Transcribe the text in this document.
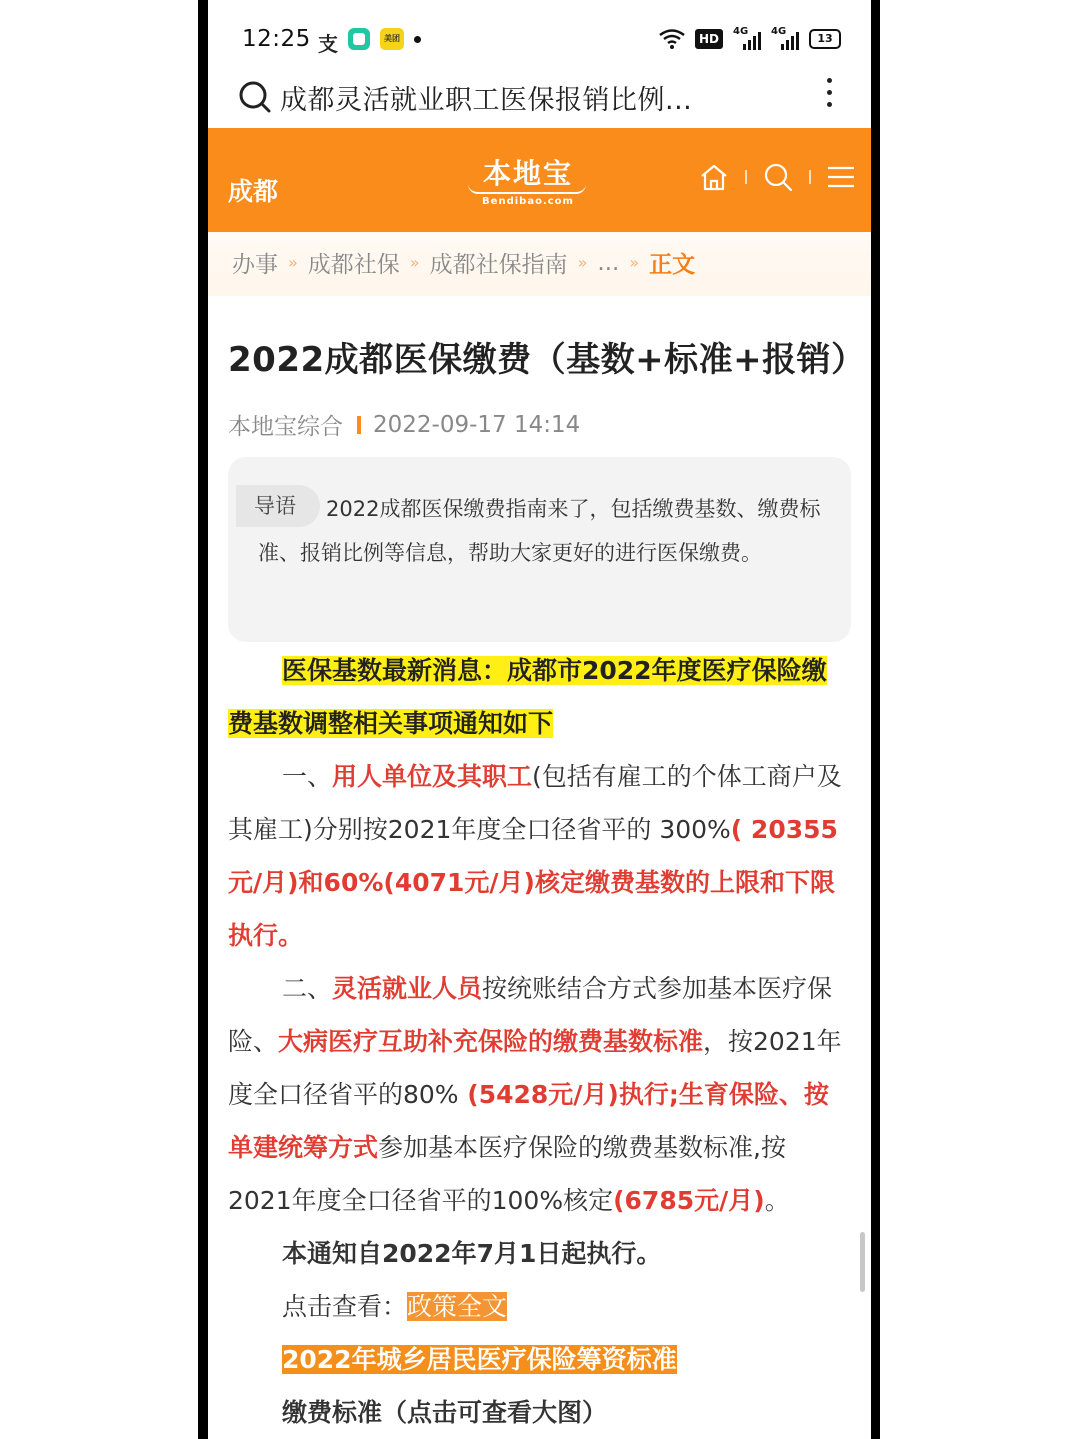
12:25 支	美团	HD
4G 4G
13
成都灵活就业职工医保报销比例...
成都
本地宝
Bendibao.com
办事 » 成都社保 » 成都社保指南 » ... » 正文
2022成都医保缴费（基数+标准+报销）
本地宝综合 2022-09-17 14:14
导语	2022成都医保缴费指南来了，包括缴费基数、缴费标准、报销比例等信息，帮助大家更好的进行医保缴费。

医保基数最新消息：成都市2022年度医疗保险缴费基数调整相关事项通知如下

一、用人单位及其职工(包括有雇工的个体工商户及其雇工)分别按2021年度全口径省平的 300%( 20355元/月)和60%(4071元/月)核定缴费基数的上限和下限执行。

二、灵活就业人员按统账结合方式参加基本医疗保险、大病医疗互助补充保险的缴费基数标准，按2021年度全口径省平的80% (5428元/月)执行;生育保险、按单建统筹方式参加基本医疗保险的缴费基数标准,按2021年度全口径省平的100%核定(6785元/月)。

本通知自2022年7月1日起执行。

点击查看：政策全文

2022年城乡居民医疗保险筹资标准

缴费标准（点击可查看大图）
